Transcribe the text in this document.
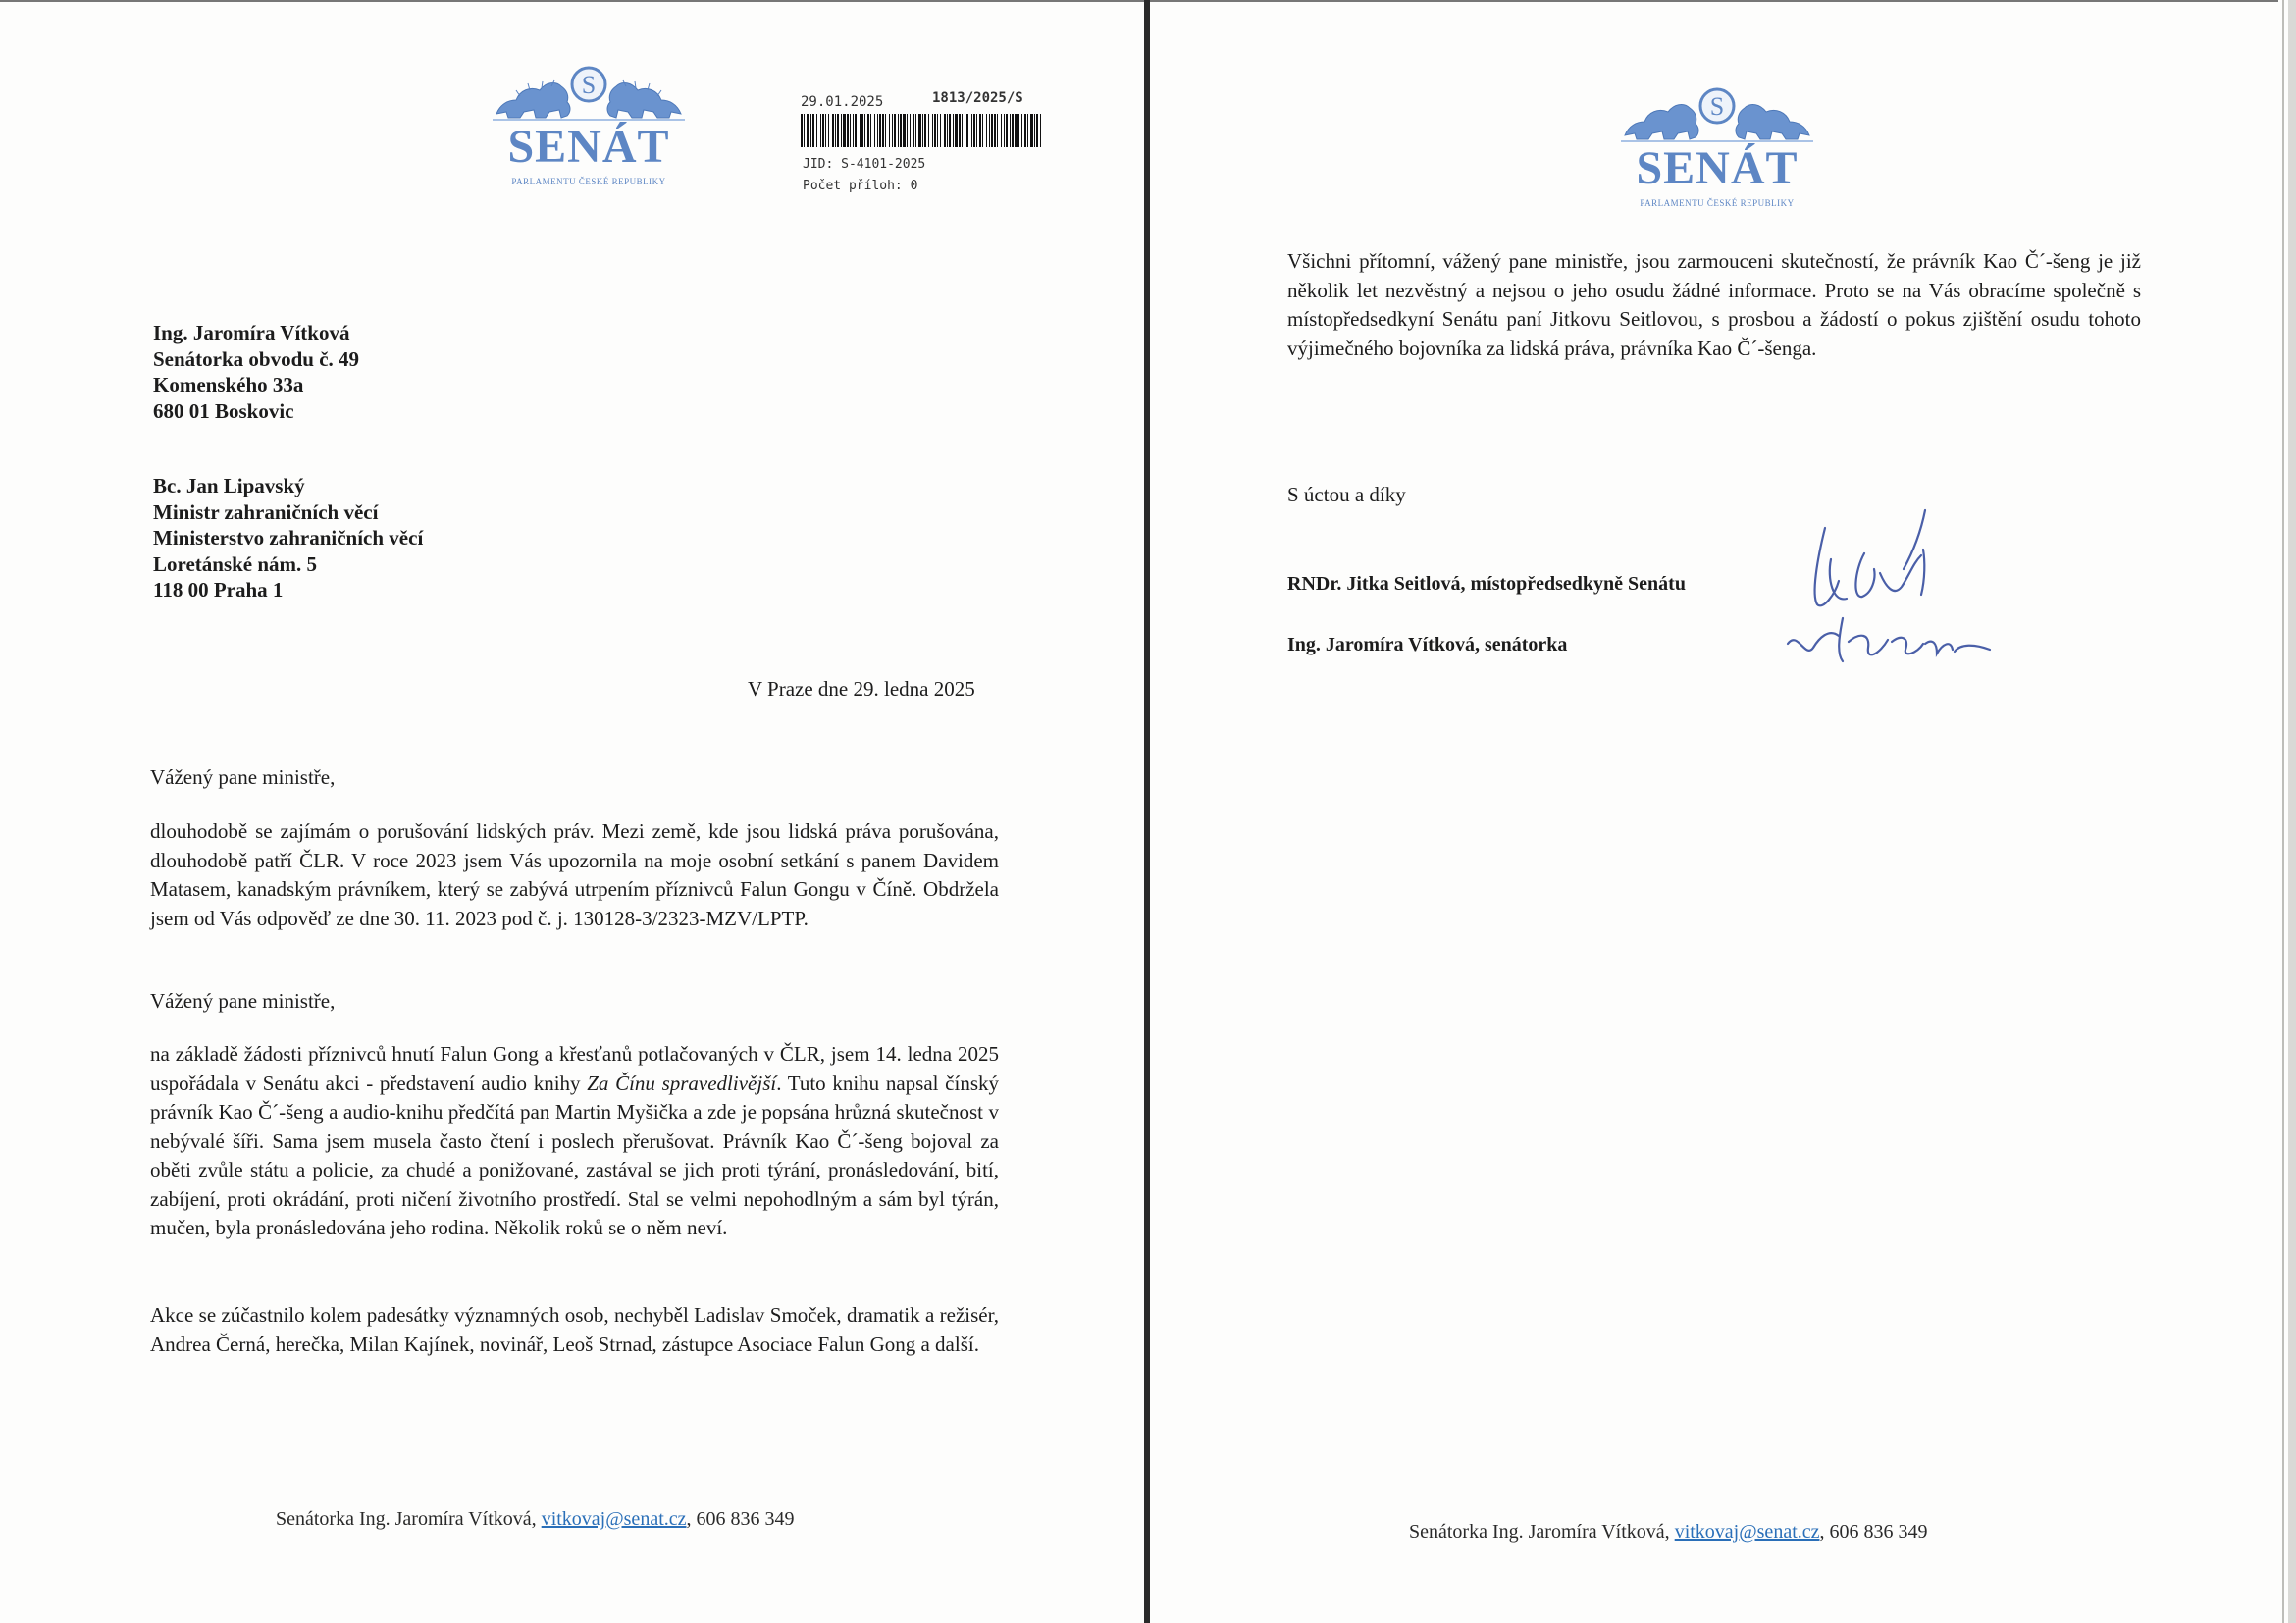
S
SENÁT
PARLAMENTU ČESKÉ REPUBLIKY
29.01.2025	1813/2025/S
JID: S-4101-2025
Počet příloh: 0
Ing. Jaromíra Vítková
Senátorka obvodu č. 49
Komenského 33a
680 01 Boskovic
Bc. Jan Lipavský
Ministr zahraničních věcí
Ministerstvo zahraničních věcí
Loretánské nám. 5
118 00 Praha 1
V Praze dne 29. ledna 2025
Vážený pane ministře,
dlouhodobě se zajímám o porušování lidských práv. Mezi země, kde jsou lidská práva porušována, dlouhodobě patří ČLR. V roce 2023 jsem Vás upozornila na moje osobní setkání s panem Davidem Matasem, kanadským právníkem, který se zabývá utrpením příznivců Falun Gongu v Číně. Obdržela jsem od Vás odpověď ze dne 30. 11. 2023 pod č. j. 130128-3/2323-MZV/LPTP.
Vážený pane ministře,
na základě žádosti příznivců hnutí Falun Gong a křesťanů potlačovaných v ČLR, jsem 14. ledna 2025 uspořádala v Senátu akci - představení audio knihy Za Čínu spravedlivější. Tuto knihu napsal čínský právník Kao Č´-šeng a audio-knihu předčítá pan Martin Myšička a zde je popsána hrůzná skutečnost v nebývalé šíři. Sama jsem musela často čtení i poslech přerušovat. Právník Kao Č´-šeng bojoval za oběti zvůle státu a policie, za chudé a ponižované, zastával se jich proti týrání, pronásledování, bití, zabíjení, proti okrádání, proti ničení životního prostředí. Stal se velmi nepohodlným a sám byl týrán, mučen, byla pronásledována jeho rodina. Několik roků se o něm neví.
Akce se zúčastnilo kolem padesátky významných osob, nechyběl Ladislav Smoček, dramatik a režisér, Andrea Černá, herečka, Milan Kajínek, novinář, Leoš Strnad, zástupce Asociace Falun Gong a další.
Senátorka Ing. Jaromíra Vítková, vitkovaj@senat.cz, 606 836 349
S
SENÁT
PARLAMENTU ČESKÉ REPUBLIKY
Všichni přítomní, vážený pane ministře, jsou zarmouceni skutečností, že právník Kao Č´-šeng je již několik let nezvěstný a nejsou o jeho osudu žádné informace. Proto se na Vás obracíme společně s místopředsedkyní Senátu paní Jitkovu Seitlovou, s prosbou a žádostí o pokus zjištění osudu tohoto výjimečného bojovníka za lidská práva, právníka Kao Č´-šenga.
S úctou a díky
RNDr. Jitka Seitlová, místopředsedkyně Senátu
Ing. Jaromíra Vítková, senátorka
Senátorka Ing. Jaromíra Vítková, vitkovaj@senat.cz, 606 836 349
